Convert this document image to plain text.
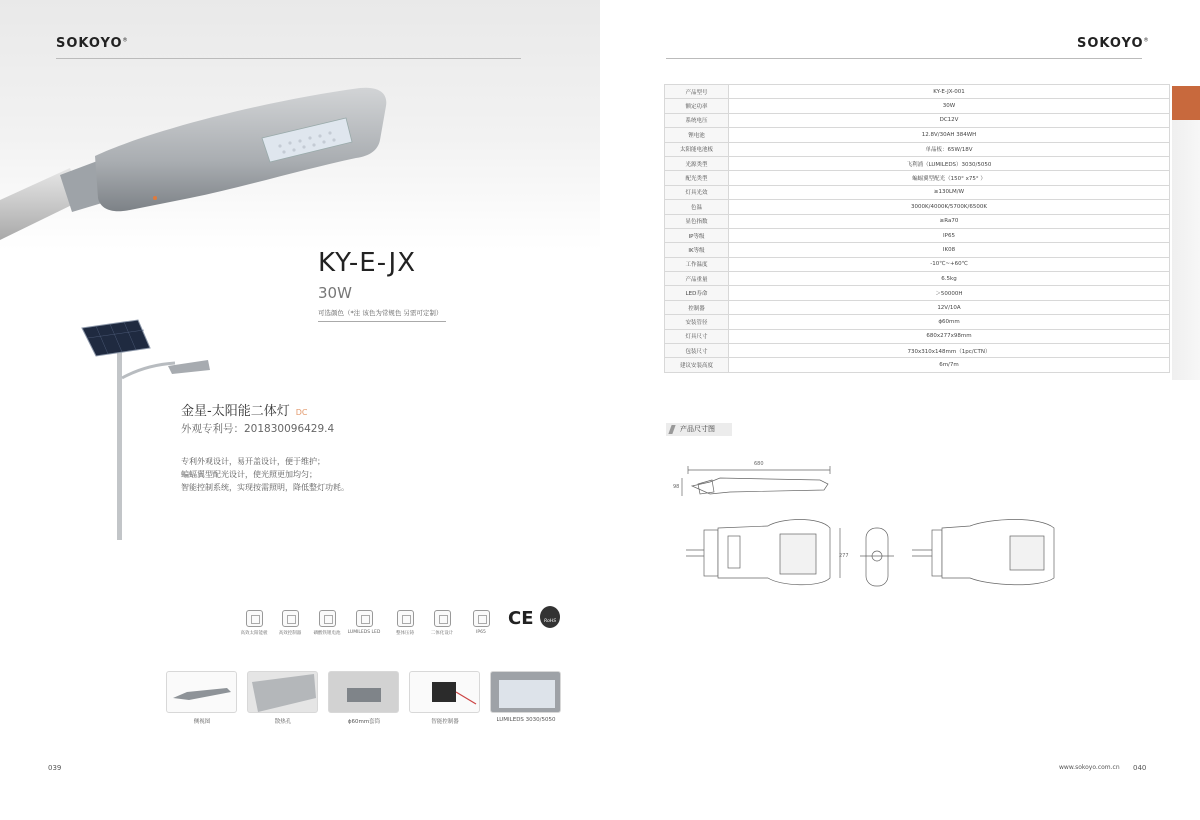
SOKOYO®
KY-E-JX
30W
可选颜色（*注 该色为常规色 另需可定制）
金星-太阳能二体灯 DC
外观专利号：201830096429.4
专利外观设计，易开盖设计，便于维护；
蝙蝠翼型配光设计，使光照更加均匀；
智能控制系统，实现按需照明，降低整灯功耗。
高效太阳能板	高效控制器	磷酸铁锂电池	LUMILEDS LED	整体压铸	二体化设计	IP65
CE	RoHS
侧视图	散热孔	ϕ60mm套筒	智能控制器	LUMILEDS 3030/5050
039
SOKOYO®
产品型号	KY-E-JX-001
额定功率	30W
系统电压	DC12V
锂电池	12.8V/30AH 384WH
太阳能电池板	单晶板：65W/18V
光源类型	飞利浦（LUMILEDS）3030/5050
配光类型	蝙蝠翼型配光（150° x75° ）
灯具光效	≥130LM/W
色温	3000K/4000K/5700K/6500K
显色指数	≥Ra70
IP等级	IP65
IK等级	IK08
工作温度	-10℃~+60℃
产品重量	6.5kg
LED寿命	＞50000H
控制器	12V/10A
安装管径	ϕ60mm
灯具尺寸	680x277x98mm
包装尺寸	730x310x148mm（1pc/CTN）
建议安装高度	6m/7m
产品尺寸图
680
98
277
www.sokoyo.com.cn 040
